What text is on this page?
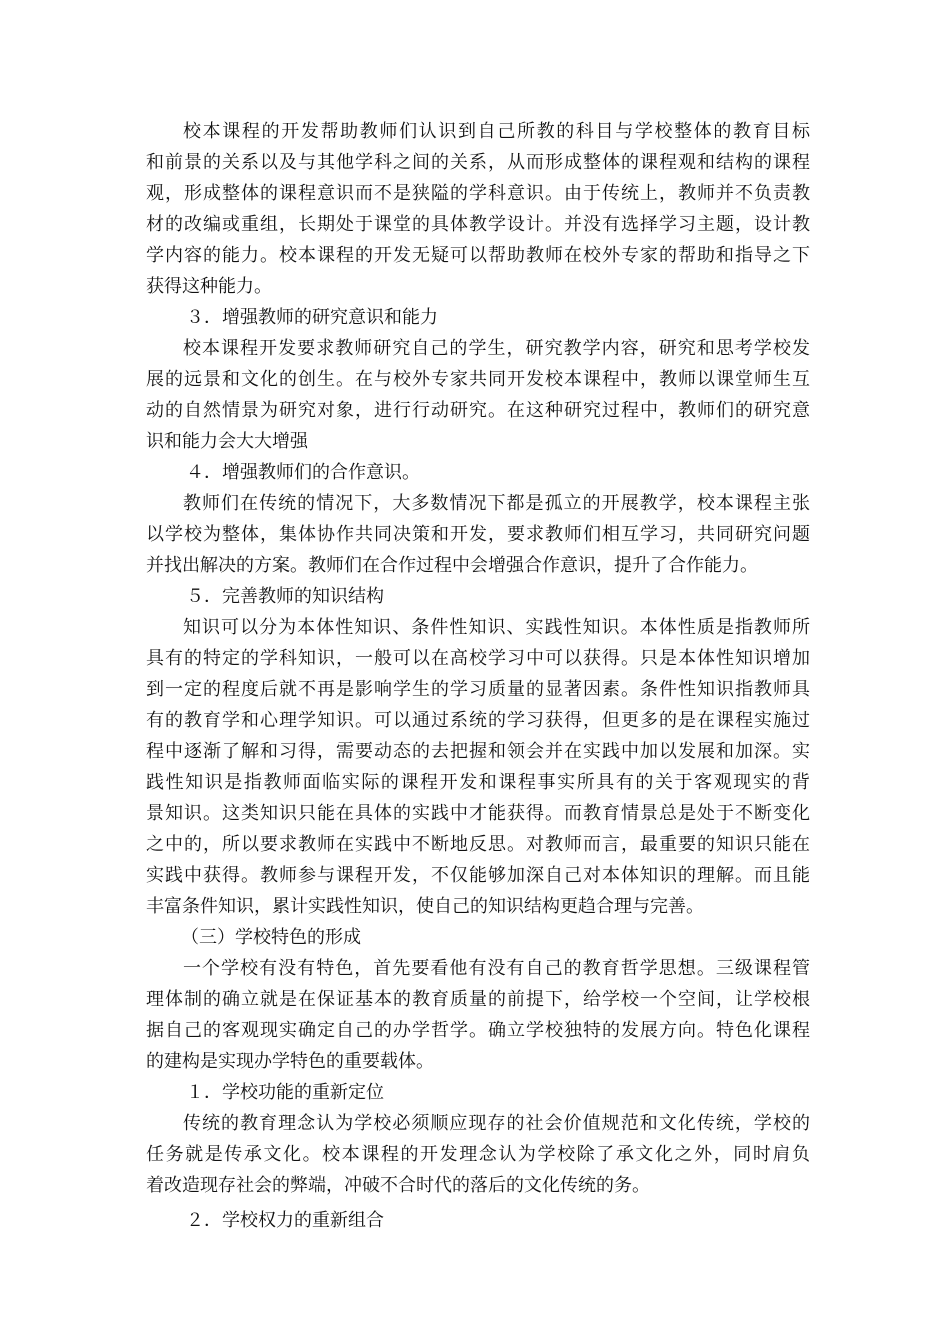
校本课程的开发帮助教师们认识到自己所教的科目与学校整体的教育目标
和前景的关系以及与其他学科之间的关系，从而形成整体的课程观和结构的课程
观，形成整体的课程意识而不是狭隘的学科意识。由于传统上，教师并不负责教
材的改编或重组，长期处于课堂的具体教学设计。并没有选择学习主题，设计教
学内容的能力。校本课程的开发无疑可以帮助教师在校外专家的帮助和指导之下
获得这种能力。
３．增强教师的研究意识和能力
校本课程开发要求教师研究自己的学生，研究教学内容，研究和思考学校发
展的远景和文化的创生。在与校外专家共同开发校本课程中，教师以课堂师生互
动的自然情景为研究对象，进行行动研究。在这种研究过程中，教师们的研究意
识和能力会大大增强
４．增强教师们的合作意识。
教师们在传统的情况下，大多数情况下都是孤立的开展教学，校本课程主张
以学校为整体，集体协作共同决策和开发，要求教师们相互学习，共同研究问题
并找出解决的方案。教师们在合作过程中会增强合作意识，提升了合作能力。
５．完善教师的知识结构
知识可以分为本体性知识、条件性知识、实践性知识。本体性质是指教师所
具有的特定的学科知识，一般可以在高校学习中可以获得。只是本体性知识增加
到一定的程度后就不再是影响学生的学习质量的显著因素。条件性知识指教师具
有的教育学和心理学知识。可以通过系统的学习获得，但更多的是在课程实施过
程中逐渐了解和习得，需要动态的去把握和领会并在实践中加以发展和加深。实
践性知识是指教师面临实际的课程开发和课程事实所具有的关于客观现实的背
景知识。这类知识只能在具体的实践中才能获得。而教育情景总是处于不断变化
之中的，所以要求教师在实践中不断地反思。对教师而言，最重要的知识只能在
实践中获得。教师参与课程开发，不仅能够加深自己对本体知识的理解。而且能
丰富条件知识，累计实践性知识，使自己的知识结构更趋合理与完善。
（三）学校特色的形成
一个学校有没有特色，首先要看他有没有自己的教育哲学思想。三级课程管
理体制的确立就是在保证基本的教育质量的前提下，给学校一个空间，让学校根
据自己的客观现实确定自己的办学哲学。确立学校独特的发展方向。特色化课程
的建构是实现办学特色的重要载体。
１．学校功能的重新定位
传统的教育理念认为学校必须顺应现存的社会价值规范和文化传统，学校的
任务就是传承文化。校本课程的开发理念认为学校除了承文化之外，同时肩负
着改造现存社会的弊端，冲破不合时代的落后的文化传统的务。
２．学校权力的重新组合
